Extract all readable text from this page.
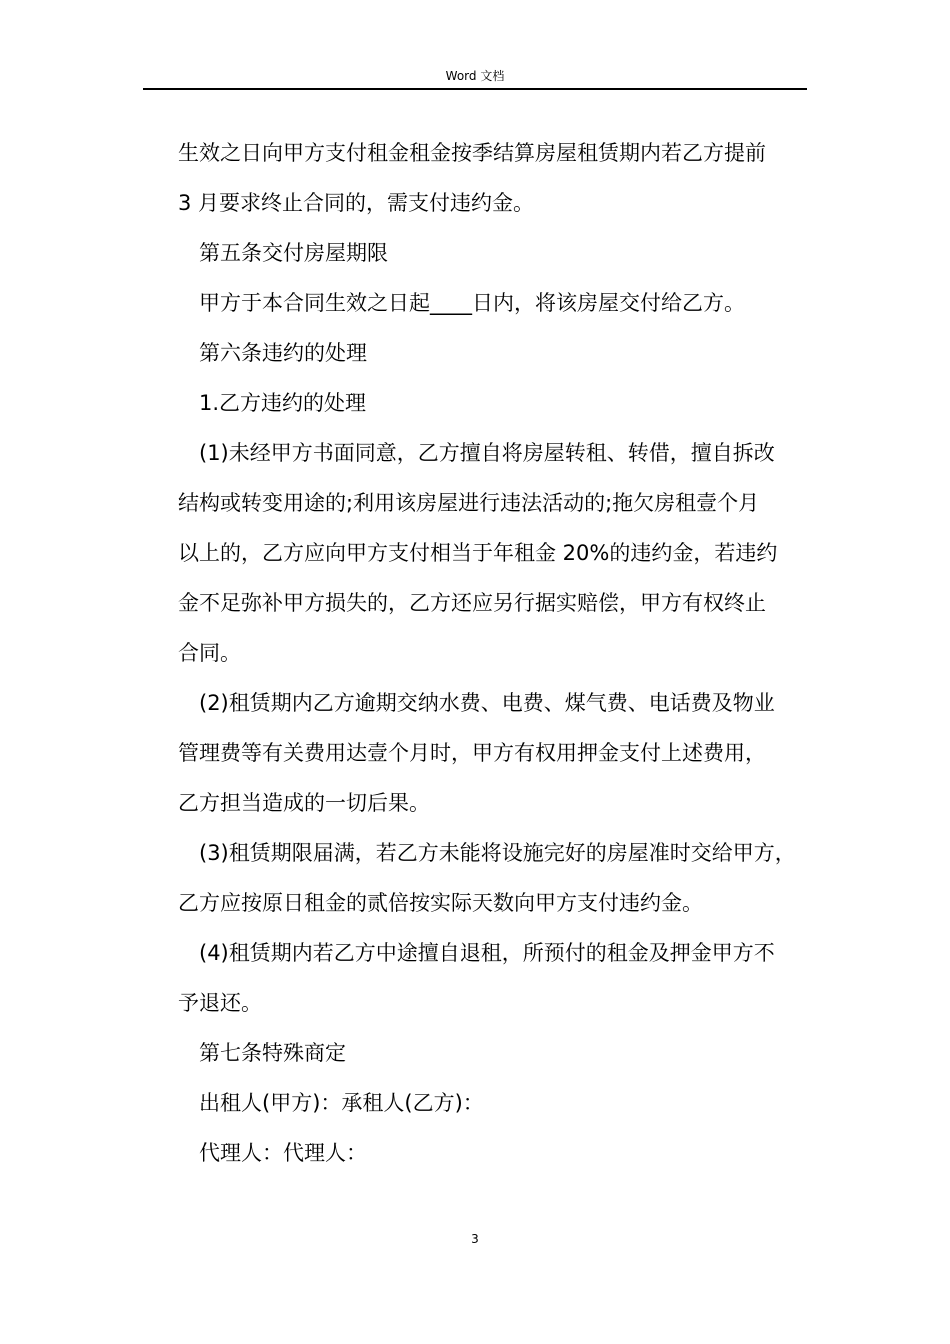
Word 文档
生效之日向甲方支付租金租金按季结算房屋租赁期内若乙方提前
3 月要求终止合同的，需支付违约金。
第五条交付房屋期限
甲方于本合同生效之日起____日内，将该房屋交付给乙方。
第六条违约的处理
1.乙方违约的处理
(1)未经甲方书面同意，乙方擅自将房屋转租、转借，擅自拆改
结构或转变用途的;利用该房屋进行违法活动的;拖欠房租壹个月
以上的，乙方应向甲方支付相当于年租金 20%的违约金，若违约
金不足弥补甲方损失的，乙方还应另行据实赔偿，甲方有权终止
合同。
(2)租赁期内乙方逾期交纳水费、电费、煤气费、电话费及物业
管理费等有关费用达壹个月时，甲方有权用押金支付上述费用，
乙方担当造成的一切后果。
(3)租赁期限届满，若乙方未能将设施完好的房屋准时交给甲方，
乙方应按原日租金的贰倍按实际天数向甲方支付违约金。
(4)租赁期内若乙方中途擅自退租，所预付的租金及押金甲方不
予退还。
第七条特殊商定
出租人(甲方)：承租人(乙方)：
代理人：代理人：
3
